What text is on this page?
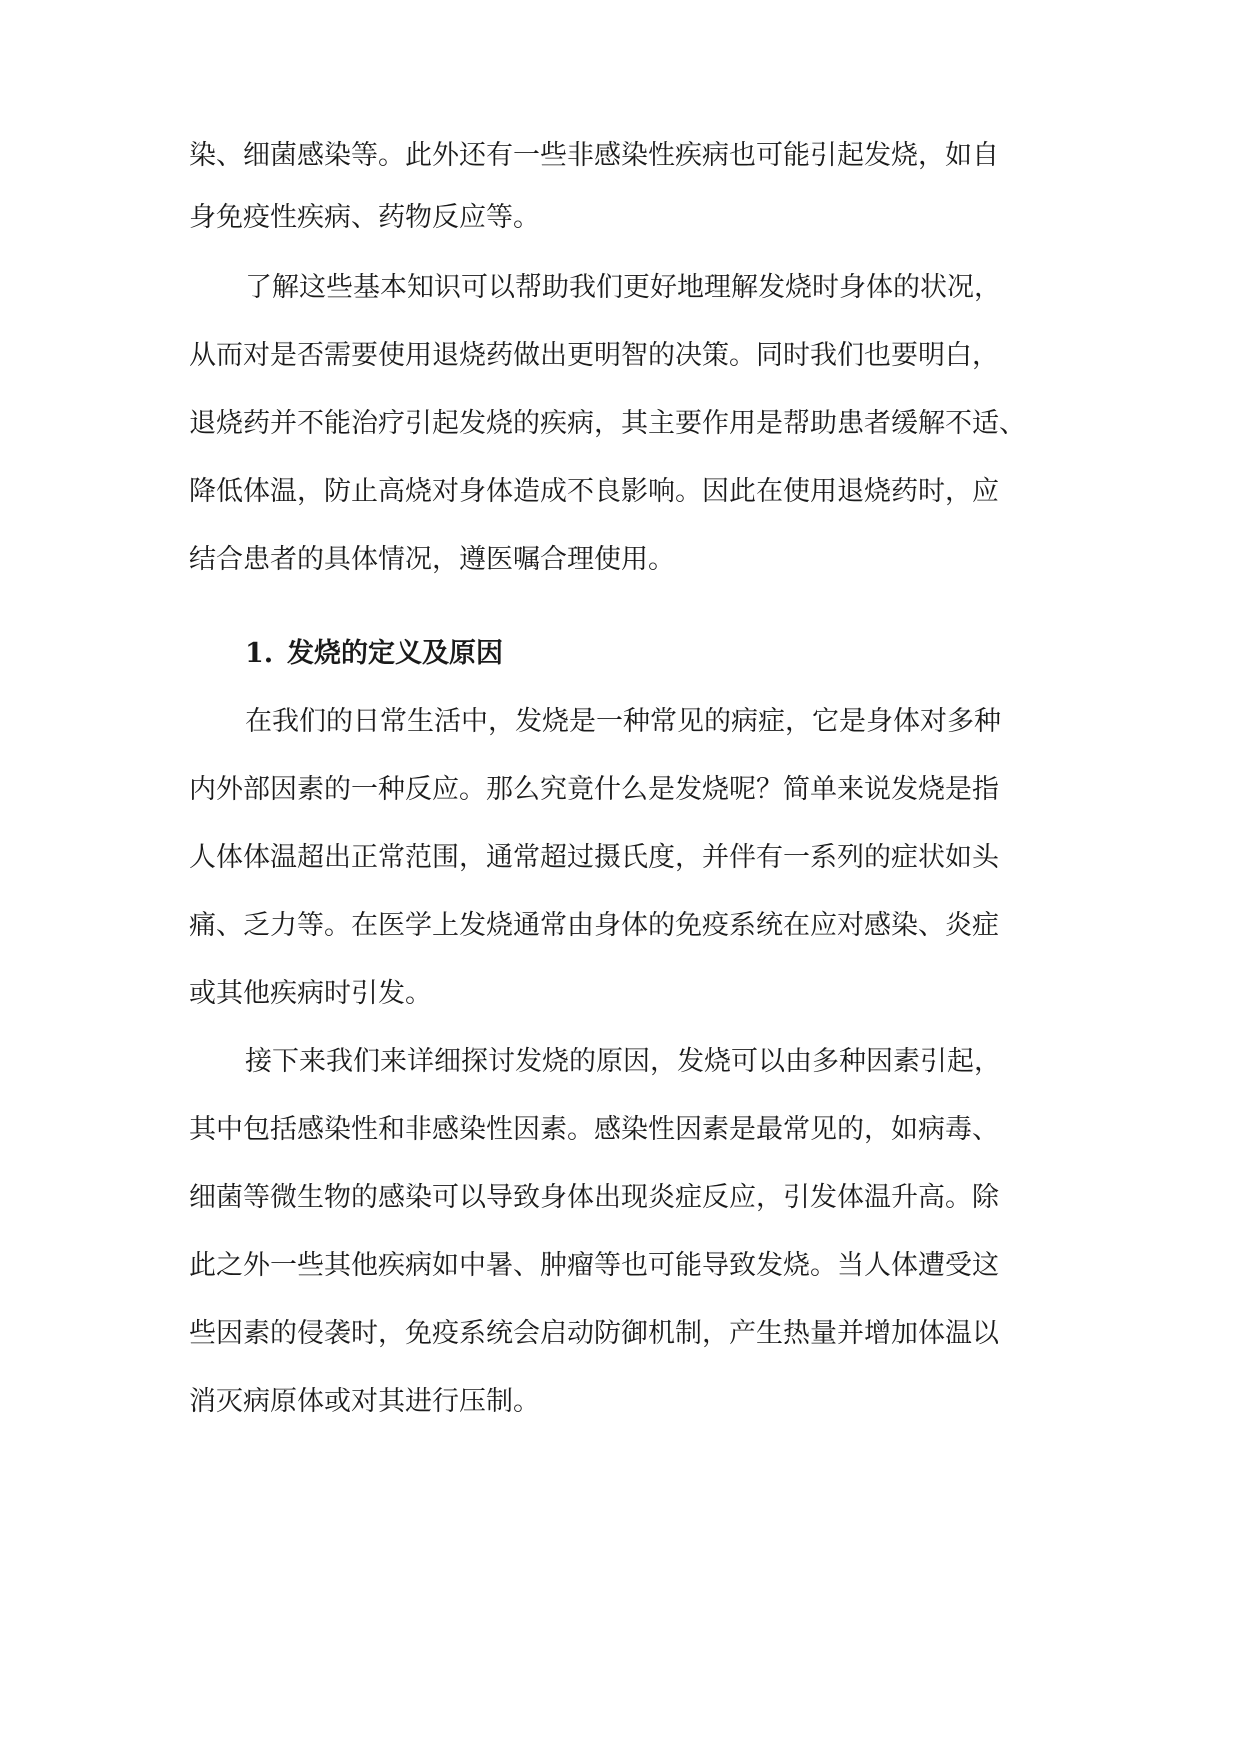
染、细菌感染等。此外还有一些非感染性疾病也可能引起发烧，如自
身免疫性疾病、药物反应等。
了解这些基本知识可以帮助我们更好地理解发烧时身体的状况，
从而对是否需要使用退烧药做出更明智的决策。同时我们也要明白，
退烧药并不能治疗引起发烧的疾病，其主要作用是帮助患者缓解不适、
降低体温，防止高烧对身体造成不良影响。因此在使用退烧药时，应
结合患者的具体情况，遵医嘱合理使用。
1. 发烧的定义及原因
在我们的日常生活中，发烧是一种常见的病症，它是身体对多种
内外部因素的一种反应。那么究竟什么是发烧呢？简单来说发烧是指
人体体温超出正常范围，通常超过摄氏度，并伴有一系列的症状如头
痛、乏力等。在医学上发烧通常由身体的免疫系统在应对感染、炎症
或其他疾病时引发。
接下来我们来详细探讨发烧的原因，发烧可以由多种因素引起，
其中包括感染性和非感染性因素。感染性因素是最常见的，如病毒、
细菌等微生物的感染可以导致身体出现炎症反应，引发体温升高。除
此之外一些其他疾病如中暑、肿瘤等也可能导致发烧。当人体遭受这
些因素的侵袭时，免疫系统会启动防御机制，产生热量并增加体温以
消灭病原体或对其进行压制。
